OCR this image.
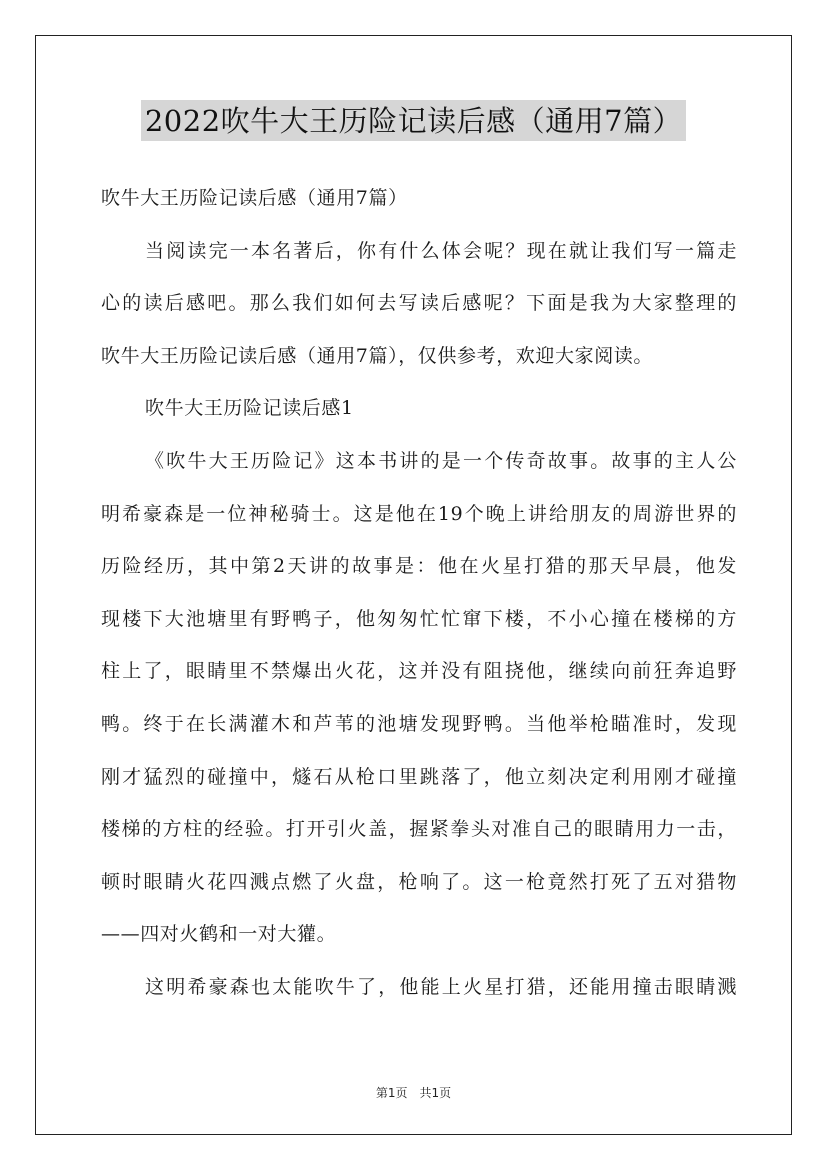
2022吹牛大王历险记读后感（通用7篇）
吹牛大王历险记读后感（通用7篇）
当阅读完一本名著后，你有什么体会呢？现在就让我们写一篇走
心的读后感吧。那么我们如何去写读后感呢？下面是我为大家整理的
吹牛大王历险记读后感（通用7篇），仅供参考，欢迎大家阅读。
吹牛大王历险记读后感1
《吹牛大王历险记》这本书讲的是一个传奇故事。故事的主人公
明希豪森是一位神秘骑士。这是他在19个晚上讲给朋友的周游世界的
历险经历，其中第2天讲的故事是：他在火星打猎的那天早晨，他发
现楼下大池塘里有野鸭子，他匆匆忙忙窜下楼，不小心撞在楼梯的方
柱上了，眼睛里不禁爆出火花，这并没有阻挠他，继续向前狂奔追野
鸭。终于在长满灌木和芦苇的池塘发现野鸭。当他举枪瞄准时，发现
刚才猛烈的碰撞中，燧石从枪口里跳落了，他立刻决定利用刚才碰撞
楼梯的方柱的经验。打开引火盖，握紧拳头对准自己的眼睛用力一击，
顿时眼睛火花四溅点燃了火盘，枪响了。这一枪竟然打死了五对猎物
——四对火鹤和一对大獾。
这明希豪森也太能吹牛了，他能上火星打猎，还能用撞击眼睛溅
第1页　共1页
